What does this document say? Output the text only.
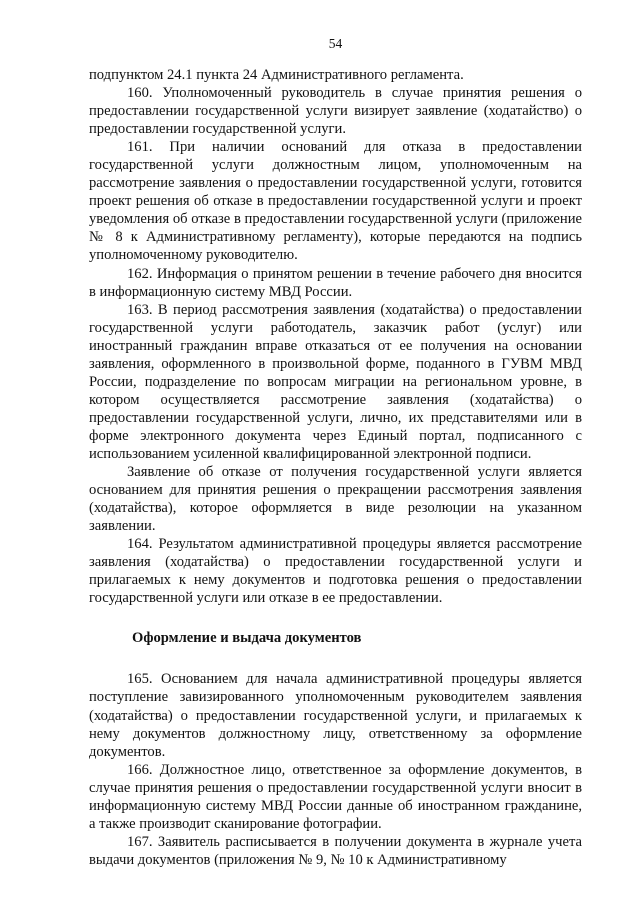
54

подпунктом 24.1 пункта 24 Административного регламента.

160. Уполномоченный руководитель в случае принятия решения о предоставлении государственной услуги визирует заявление (ходатайство) о предоставлении государственной услуги.

161. При наличии оснований для отказа в предоставлении государственной услуги должностным лицом, уполномоченным на рассмотрение заявления о предоставлении государственной услуги, готовится проект решения об отказе в предоставлении государственной услуги и проект уведомления об отказе в предоставлении государственной услуги (приложение № 8 к Административному регламенту), которые передаются на подпись уполномоченному руководителю.

162. Информация о принятом решении в течение рабочего дня вносится в информационную систему МВД России.

163. В период рассмотрения заявления (ходатайства) о предоставлении государственной услуги работодатель, заказчик работ (услуг) или иностранный гражданин вправе отказаться от ее получения на основании заявления, оформленного в произвольной форме, поданного в ГУВМ МВД России, подразделение по вопросам миграции на региональном уровне, в котором осуществляется рассмотрение заявления (ходатайства) о предоставлении государственной услуги, лично, их представителями или в форме электронного документа через Единый портал, подписанного с использованием усиленной квалифицированной электронной подписи.

Заявление об отказе от получения государственной услуги является основанием для принятия решения о прекращении рассмотрения заявления (ходатайства), которое оформляется в виде резолюции на указанном заявлении.

164. Результатом административной процедуры является рассмотрение заявления (ходатайства) о предоставлении государственной услуги и прилагаемых к нему документов и подготовка решения о предоставлении государственной услуги или отказе в ее предоставлении.

Оформление и выдача документов

165. Основанием для начала административной процедуры является поступление завизированного уполномоченным руководителем заявления (ходатайства) о предоставлении государственной услуги, и прилагаемых к нему документов должностному лицу, ответственному за оформление документов.

166. Должностное лицо, ответственное за оформление документов, в случае принятия решения о предоставлении государственной услуги вносит в информационную систему МВД России данные об иностранном гражданине, а также производит сканирование фотографии.

167. Заявитель расписывается в получении документа в журнале учета выдачи документов (приложения № 9, № 10 к Административному
